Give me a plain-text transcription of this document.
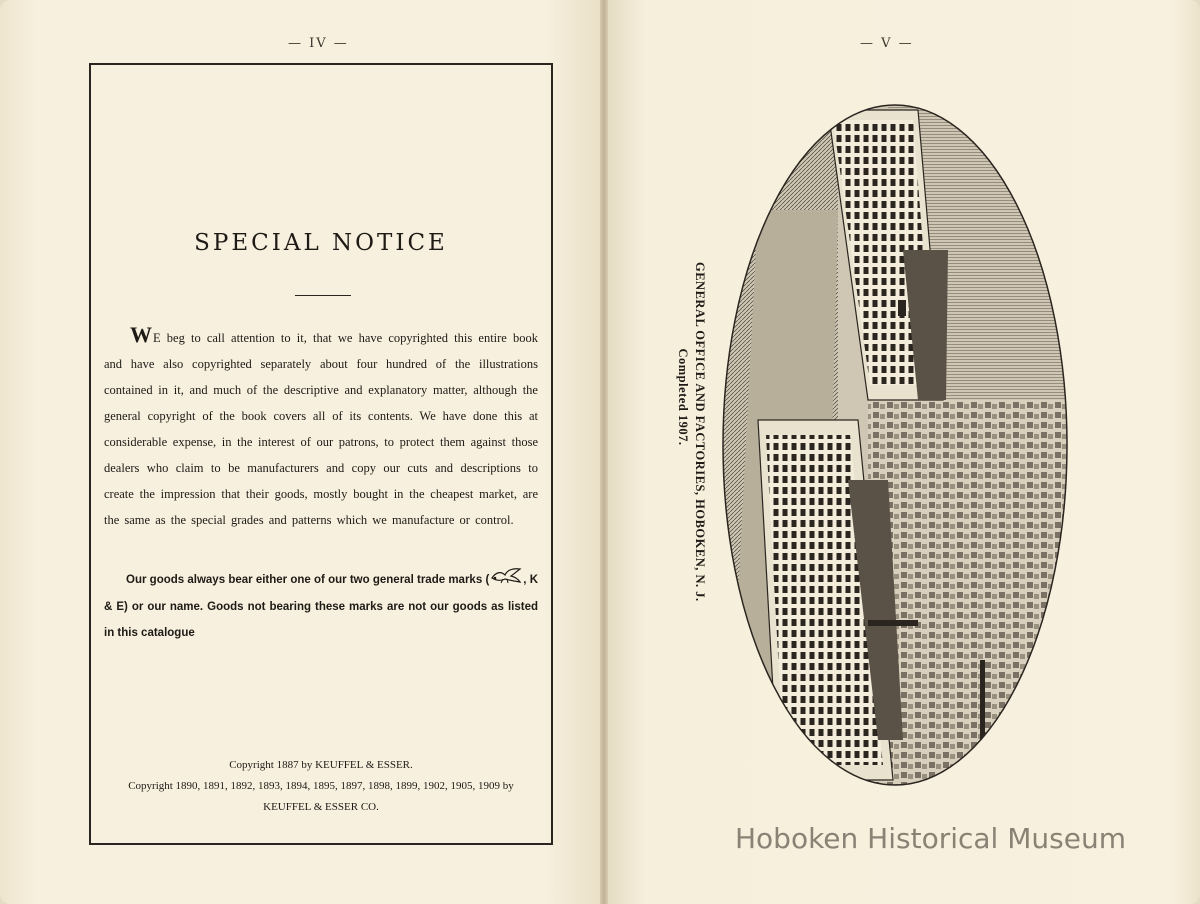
— IV —	— V —
SPECIAL NOTICE
WE beg to call attention to it, that we have copyrighted this entire book and have also copyrighted separately about four hundred of the illustrations contained in it, and much of the descriptive and explanatory matter, although the general copyright of the book covers all of its contents. We have done this at considerable expense, in the interest of our patrons, to protect them against those dealers who claim to be manufacturers and copy our cuts and descriptions to create the impression that their goods, mostly bought in the cheapest market, are the same as the special grades and patterns which we manufacture or control.
Our goods always bear either one of our two general trade marks (	, K & E) or our name. Goods not bearing these marks are not our goods as listed in this catalogue
Copyright 1887 by KEUFFEL & ESSER.
Copyright 1890, 1891, 1892, 1893, 1894, 1895, 1897, 1898, 1899, 1902, 1905, 1909 by
KEUFFEL & ESSER CO.
GENERAL OFFICE AND FACTORIES, HOBOKEN, N. J.
Completed 1907.
Hoboken Historical Museum
